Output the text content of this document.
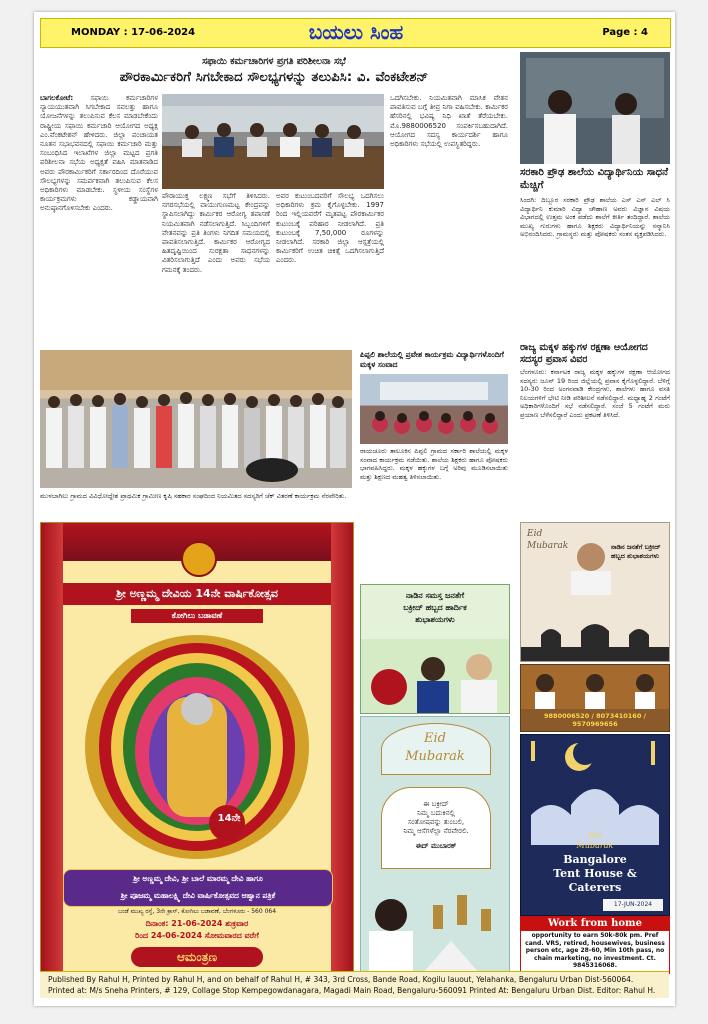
MONDAY : 17-06-2024	ಬಯಲು ಸಿಂಹ	Page : 4
ಸಫಾಯಿ ಕರ್ಮಚಾರಿಗಳ ಪ್ರಗತಿ ಪರಿಶೀಲನಾ ಸಭೆ
ಪೌರಕಾರ್ಮಿಕರಿಗೆ ಸಿಗಬೇಕಾದ ಸೌಲಭ್ಯಗಳನ್ನು ತಲುಪಿಸಿ: ವಿ. ವೆಂಕಟೇಶನ್
ಬಾಗಲಕೋಟೆ: ಸಫಾಯಿ ಕರ್ಮಚಾರಿಗಳ ನ್ಯಾಯಯುತವಾಗಿ ಸಿಗಬೇಕಾದ ಸವಲತ್ತು ಹಾಗೂ ಯೋಜನೆಗಳನ್ನು ತಲುಪಿಸುವ ಕೆಲಸ ಮಾಡಬೇಕೆಂದು ರಾಷ್ಟ್ರೀಯ ಸಫಾಯಿ ಕರ್ಮಚಾರಿ ಆಯೋಗದ ಅಧ್ಯಕ್ಷ ಎಂ.ವೆಂಕಟೇಶನ್ ಹೇಳಿದರು. ಜಿಲ್ಲಾ ಪಂಚಾಯತ ನೂತನ ಸಭಾಭವನದಲ್ಲಿ ಸಫಾಯಿ ಕರ್ಮಚಾರಿ ಮತ್ತು ಸಂಬಂಧಿಸಿದ ಇಲಾಖೆಗಳ ಜಿಲ್ಲಾ ಮಟ್ಟದ ಪ್ರಗತಿ ಪರಿಶೀಲನಾ ಸಭೆಯ ಅಧ್ಯಕ್ಷತೆ ವಹಿಸಿ ಮಾತನಾಡಿದ ಅವರು ಪೌರಕಾರ್ಮಿಕರಿಗೆ ಸರ್ಕಾರದಿಂದ ದೊರೆಯುವ ಸೌಲಭ್ಯಗಳನ್ನು ಸಮರ್ಪಕವಾಗಿ ತಲುಪಿಸುವ ಕೆಲಸ ಅಧಿಕಾರಿಗಳು ಮಾಡಬೇಕು. ಸ್ಥಳೀಯ ಸಂಸ್ಥೆಗಳ ಕಾರ್ಯಕ್ರಮಗಳು ಕಡ್ಡಾಯವಾಗಿ ಅನುಷ್ಠಾನಗೊಳಿಸಬೇಕು ಎಂದರು.
ಪೌರಾಯುಕ್ತ ಲಕ್ಷ್ಮಣ ಸಭೆಗೆ ತಿಳಿಸಿದರು. ನಗರಸಭೆಯಲ್ಲಿ ವಾಯುಗುಣಮಟ್ಟ ಕೇಂದ್ರವನ್ನು ಸ್ಥಾಪಿಸಲಾಗಿದ್ದು ಕಾರ್ಮಿಕರ ಆರೋಗ್ಯ ತಪಾಸಣೆ ನಿಯಮಿತವಾಗಿ ನಡೆಸಲಾಗುತ್ತಿದೆ. ಸಿಬ್ಬಂದಿಗಳಿಗೆ ವೇತನವನ್ನು ಪ್ರತಿ ತಿಂಗಳು ನಿಗದಿತ ಸಮಯದಲ್ಲಿ ಪಾವತಿಸಲಾಗುತ್ತಿದೆ. ಕಾರ್ಮಿಕರ ಆರೋಗ್ಯದ ಹಿತದೃಷ್ಟಿಯಿಂದ ಸುರಕ್ಷತಾ ಸಾಧನಗಳನ್ನು ವಿತರಿಸಲಾಗುತ್ತಿದೆ ಎಂದು ಅವರು ಸಭೆಯ ಗಮನಕ್ಕೆ ತಂದರು.
ಅವರ ಕುಟುಂಬದವರಿಗೆ ಸೌಲಭ್ಯ ಒದಗಿಸಲು ಅಧಿಕಾರಿಗಳು ಕ್ರಮ ಕೈಗೊಳ್ಳಬೇಕು. 1997 ರಿಂದ ಇಲ್ಲಿಯವರೆಗೆ ಮೃತಪಟ್ಟ ಪೌರಕಾರ್ಮಿಕರ ಕುಟುಂಬಕ್ಕೆ ಪರಿಹಾರ ನೀಡಲಾಗಿದೆ. ಪ್ರತಿ ಕುಟುಂಬಕ್ಕೆ 7,50,000 ರೂಗಳನ್ನು ನೀಡಲಾಗಿದೆ. ಸರಕಾರಿ ಜಿಲ್ಲಾ ಆಸ್ಪತ್ರೆಯಲ್ಲಿ ಕಾರ್ಮಿಕರಿಗೆ ಉಚಿತ ಚಿಕಿತ್ಸೆ ಒದಗಿಸಲಾಗುತ್ತಿದೆ ಎಂದರು.
ಒದಗಿಸಬೇಕು. ನಿಯಮಿತವಾಗಿ ಮಾಸಿಕ ವೇತನ ಪಾವತಿಸುವ ಬಗ್ಗೆ ತೀವ್ರ ನಿಗಾ ವಹಿಸಬೇಕು. ಕಾರ್ಮಿಕರ ಹೆಸರಿನಲ್ಲಿ ಭವಿಷ್ಯ ನಿಧಿ ಖಾತೆ ತೆರೆಯಬೇಕು. ಮೊ.9880006520 ಸಂಪರ್ಕಿಸಬಹುದಾಗಿದೆ. ಆಯೋಗದ ಸದಸ್ಯ ಕಾರ್ಯದರ್ಶಿ ಹಾಗೂ ಅಧಿಕಾರಿಗಳು ಸಭೆಯಲ್ಲಿ ಉಪಸ್ಥಿತರಿದ್ದರು.
ಮುಳಬಾಗಿಲು ಗ್ರಾಮದ ವಿವಿಧೋದ್ದೇಶ ಪ್ರಾಥಮಿಕ ಗ್ರಾಮೀಣ ಕೃಷಿ ಸಹಕಾರ ಸಂಘದಿಂದ ನಿಯಮಿತದ ಸದಸ್ಯರಿಗೆ ಚೆಕ್ ವಿತರಣೆ ಕಾರ್ಯಕ್ರಮ ನೆರವೇರಿತು.
ಪಿಪ್ಪಲಿ ಶಾಲೆಯಲ್ಲಿ ಪ್ರವೇಶ ಕಾರ್ಯಕ್ರಮ ವಿದ್ಯಾರ್ಥಿಗಳೊಂದಿಗೆ ಮಕ್ಕಳ ಸಂವಾದ
ರಾಯಚೂರು ತಾಲೂಕಿನ ಪಿಪ್ಪಲಿ ಗ್ರಾಮದ ಸರ್ಕಾರಿ ಶಾಲೆಯಲ್ಲಿ ಮಕ್ಕಳ ಸಂವಾದ ಕಾರ್ಯಕ್ರಮ ನಡೆಯಿತು. ಶಾಲೆಯ ಶಿಕ್ಷಕರು ಹಾಗೂ ಪೋಷಕರು ಭಾಗವಹಿಸಿದ್ದರು. ಮಕ್ಕಳ ಹಕ್ಕುಗಳ ಬಗ್ಗೆ ಅರಿವು ಮೂಡಿಸಲಾಯಿತು ಮತ್ತು ಶಿಕ್ಷಣದ ಮಹತ್ವ ತಿಳಿಸಲಾಯಿತು.
ಶ್ರೀ ಅಣ್ಣಮ್ಮ ದೇವಿಯ 14ನೇ ವಾರ್ಷಿಕೋತ್ಸವ
ಕೋಗಿಲು ಬಡಾವಣೆ
14ನೇ
ಶ್ರೀ ಅಣ್ಣಮ್ಮ ದೇವಿ, ಶ್ರೀ ಬಾಲೆ ಮಾರಮ್ಮ ದೇವಿ ಹಾಗೂ
ಶ್ರೀ ಪೂಜಮ್ಮ ಮಹಾಲಕ್ಷ್ಮಿ ದೇವಿ ವಾರ್ಷಿಕೋತ್ಸವದ ಆಹ್ವಾನ ಪತ್ರಿಕೆ
ಬಂಡೆ ಮುಖ್ಯ ರಸ್ತೆ, 3ನೇ ಕ್ರಾಸ್, ಕೋಗಿಲು ಬಡಾವಣೆ, ಬೆಂಗಳೂರು - 560 064
ದಿನಾಂಕ: 21-06-2024 ಶುಕ್ರವಾರ
ರಿಂದ 24-06-2024 ಸೋಮವಾರದ ವರೆಗೆ
ಆಮಂತ್ರಣ
ನಾಡಿನ ಸಮಸ್ತ ಜನತೆಗೆ
ಬಕ್ರೀದ್ ಹಬ್ಬದ ಹಾರ್ದಿಕ
ಶುಭಾಶಯಗಳು
Eid
Mubarak
ಈ ಬಕ್ರೀದ್
ನಿಮ್ಮ ಬದುಕಿನಲ್ಲಿ
ಸಂತೋಷವನ್ನು ತುಂಬಲಿ,
ನಿಮ್ಮ ಆಸೆಗಳೆಲ್ಲಾ ನೆರವೇರಲಿ.
ಈದ್ ಮುಬಾರಕ್
ಸರಕಾರಿ ಪ್ರೌಢ ಶಾಲೆಯ ವಿದ್ಯಾರ್ಥಿನಿಯ ಸಾಧನೆ ಮೆಚ್ಚಿಗೆ
ಸಿಂದಗಿ: ದಿಬ್ಬೂರ ಸರಕಾರಿ ಪ್ರೌಢ ಶಾಲೆಯ ಎಸ್ ಎಸ್ ಎಲ್ ಸಿ ವಿದ್ಯಾರ್ಥಿನಿ ಕುಮಾರಿ ವಿದ್ಯಾ ಚೌಹಾಣ ಅವರು ವಿಜ್ಞಾನ ವಿಷಯ ವಿಭಾಗದಲ್ಲಿ ಉತ್ತಮ ಅಂಕ ಪಡೆದು ಶಾಲೆಗೆ ಕೀರ್ತಿ ತಂದಿದ್ದಾರೆ. ಶಾಲೆಯ ಮುಖ್ಯ ಗುರುಗಳು ಹಾಗೂ ಶಿಕ್ಷಕರು ವಿದ್ಯಾರ್ಥಿನಿಯನ್ನು ಸನ್ಮಾನಿಸಿ ಅಭಿನಂದಿಸಿದರು. ಗ್ರಾಮಸ್ಥರು ಮತ್ತು ಪೋಷಕರು ಸಂತಸ ವ್ಯಕ್ತಪಡಿಸಿದರು.
ರಾಜ್ಯ ಮಕ್ಕಳ ಹಕ್ಕುಗಳ ರಕ್ಷಣಾ ಆಯೋಗದ ಸದಸ್ಯರ ಪ್ರವಾಸ ವಿವರ
ಬೆಂಗಳೂರು: ಕರ್ನಾಟಕ ರಾಜ್ಯ ಮಕ್ಕಳ ಹಕ್ಕುಗಳ ರಕ್ಷಣಾ ಆಯೋಗದ ಸದಸ್ಯರು ಜೂನ್ 19 ರಿಂದ ಜಿಲ್ಲೆಯಲ್ಲಿ ಪ್ರವಾಸ ಕೈಗೊಳ್ಳಲಿದ್ದಾರೆ. ಬೆಳಿಗ್ಗೆ 10-30 ರಿಂದ ಅಂಗನವಾಡಿ ಕೇಂದ್ರಗಳು, ಶಾಲೆಗಳು ಹಾಗೂ ವಸತಿ ನಿಲಯಗಳಿಗೆ ಭೇಟಿ ನೀಡಿ ಪರಿಶೀಲನೆ ನಡೆಸಲಿದ್ದಾರೆ. ಮಧ್ಯಾಹ್ನ 2 ಗಂಟೆಗೆ ಅಧಿಕಾರಿಗಳೊಂದಿಗೆ ಸಭೆ ನಡೆಸಲಿದ್ದಾರೆ. ಸಂಜೆ 5 ಗಂಟೆಗೆ ಮರು ಪ್ರಯಾಣ ಬೆಳೆಸಲಿದ್ದಾರೆ ಎಂದು ಪ್ರಕಟಣೆ ತಿಳಿಸಿದೆ.
Eid
Mubarak	ನಾಡಿನ ಜನತೆಗೆ ಬಕ್ರೀದ್ ಹಬ್ಬದ ಶುಭಾಶಯಗಳು
9880006520 / 8073410160 / 9570969656
Eid
Mubarak
Bangalore
Tent House &
Caterers
17-JUN-2024
Work from home
opportunity to earn 50k-80k pm. Pref cand. VRS, retired, housewives, business person etc, age 28-60, Min 10th pass, no chain marketing, no investment. Ct. 9845316068.
Published By Rahul H, Printed by Rahul H, and on behalf of Rahul H, # 343, 3rd Cross, Bande Road, Kogilu lauout, Yelahanka, Bengaluru Urban Dist-560064.
Printed at: M/s Sneha Printers, # 129, Collage Stop Kempegowdanagara, Magadi Main Road, Bengaluru-560091 Printed At: Bengaluru Urban Dist. Editor: Rahul H.
